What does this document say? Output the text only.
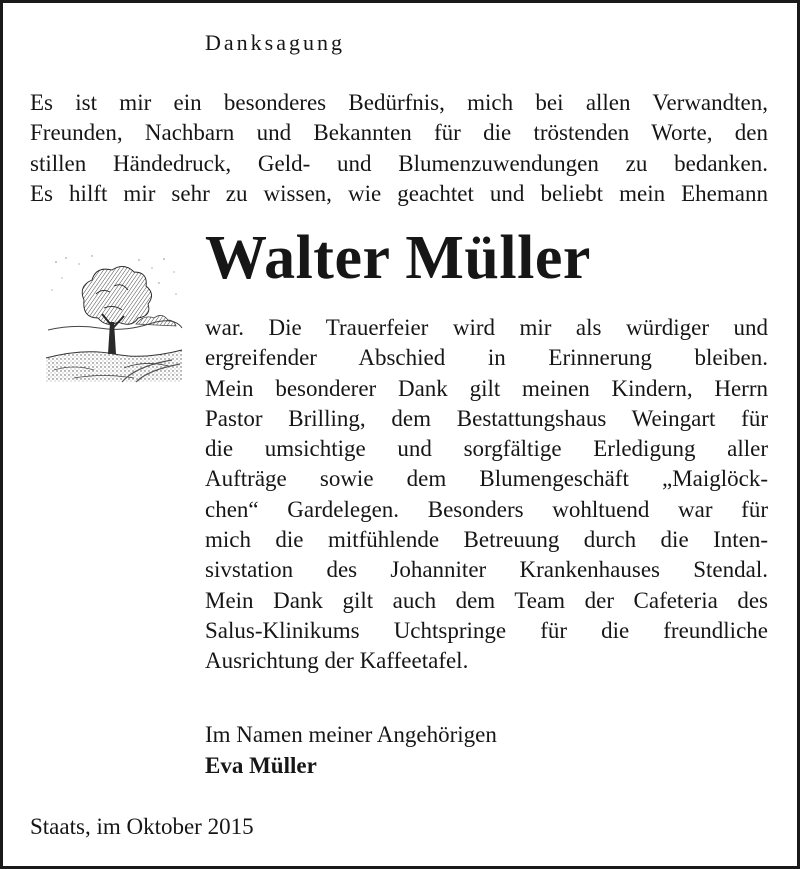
Danksagung
Es ist mir ein besonderes Bedürfnis, mich bei allen Verwandten,
Freunden, Nachbarn und Bekannten für die tröstenden Worte, den
stillen Händedruck, Geld- und Blumenzuwendungen zu bedanken.
Es hilft mir sehr zu wissen, wie geachtet und beliebt mein Ehemann
Walter Müller
war. Die Trauerfeier wird mir als würdiger und
ergreifender Abschied in Erinnerung bleiben.
Mein besonderer Dank gilt meinen Kindern, Herrn
Pastor Brilling, dem Bestattungshaus Weingart für
die umsichtige und sorgfältige Erledigung aller
Aufträge sowie dem Blumengeschäft „Maiglöck-
chen“ Gardelegen. Besonders wohltuend war für
mich die mitfühlende Betreuung durch die Inten-
sivstation des Johanniter Krankenhauses Stendal.
Mein Dank gilt auch dem Team der Cafeteria des
Salus-Klinikums Uchtspringe für die freundliche
Ausrichtung der Kaffeetafel.
Im Namen meiner Angehörigen
Eva Müller
Staats, im Oktober 2015
